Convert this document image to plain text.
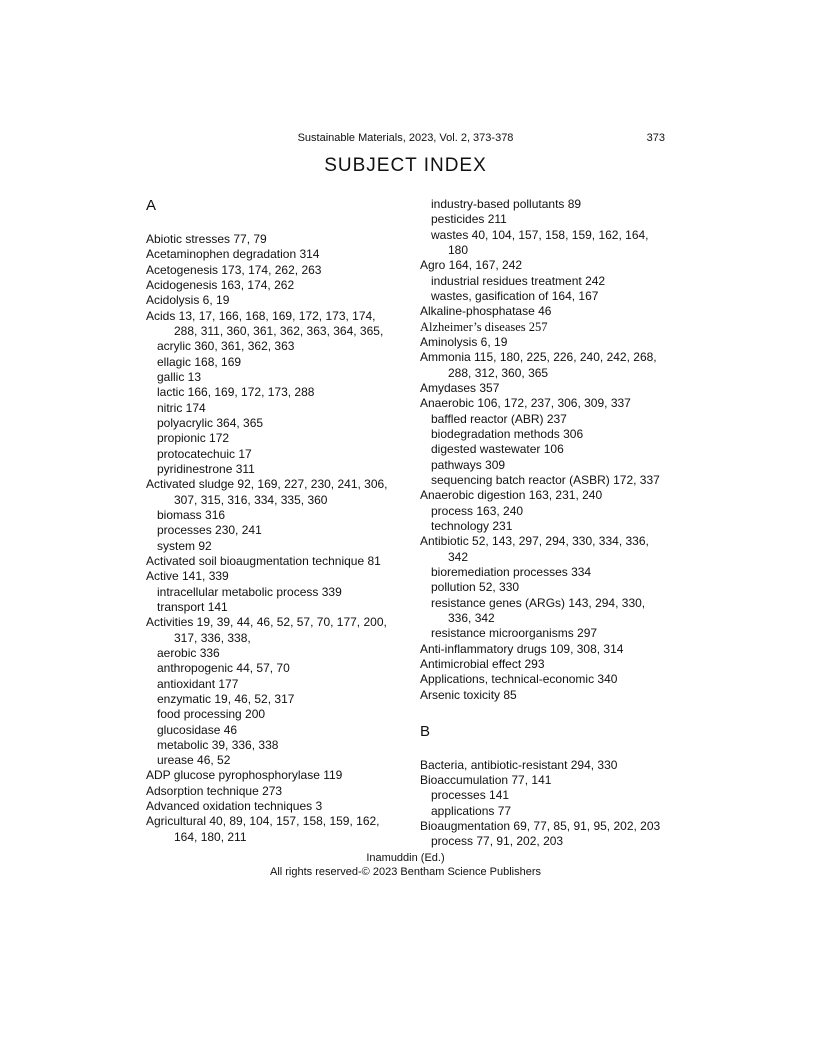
Sustainable Materials, 2023, Vol. 2, 373-378	373
SUBJECT INDEX
A
Abiotic stresses 77, 79
Acetaminophen degradation 314
Acetogenesis 173, 174, 262, 263
Acidogenesis 163, 174, 262
Acidolysis 6, 19
Acids 13, 17, 166, 168, 169, 172, 173, 174,
288, 311, 360, 361, 362, 363, 364, 365,
acrylic 360, 361, 362, 363
ellagic 168, 169
gallic 13
lactic 166, 169, 172, 173, 288
nitric 174
polyacrylic 364, 365
propionic 172
protocatechuic 17
pyridinestrone 311
Activated sludge 92, 169, 227, 230, 241, 306,
307, 315, 316, 334, 335, 360
biomass 316
processes 230, 241
system 92
Activated soil bioaugmentation technique 81
Active 141, 339
intracellular metabolic process 339
transport 141
Activities 19, 39, 44, 46, 52, 57, 70, 177, 200,
317, 336, 338,
aerobic 336
anthropogenic 44, 57, 70
antioxidant 177
enzymatic 19, 46, 52, 317
food processing 200
glucosidase 46
metabolic 39, 336, 338
urease 46, 52
ADP glucose pyrophosphorylase 119
Adsorption technique 273
Advanced oxidation techniques 3
Agricultural 40, 89, 104, 157, 158, 159, 162,
164, 180, 211
industry-based pollutants 89
pesticides 211
wastes 40, 104, 157, 158, 159, 162, 164,
180
Agro 164, 167, 242
industrial residues treatment 242
wastes, gasification of 164, 167
Alkaline-phosphatase 46
Alzheimer’s diseases 257
Aminolysis 6, 19
Ammonia 115, 180, 225, 226, 240, 242, 268,
288, 312, 360, 365
Amydases 357
Anaerobic 106, 172, 237, 306, 309, 337
baffled reactor (ABR) 237
biodegradation methods 306
digested wastewater 106
pathways 309
sequencing batch reactor (ASBR) 172, 337
Anaerobic digestion 163, 231, 240
process 163, 240
technology 231
Antibiotic 52, 143, 297, 294, 330, 334, 336,
342
bioremediation processes 334
pollution 52, 330
resistance genes (ARGs) 143, 294, 330,
336, 342
resistance microorganisms 297
Anti-inflammatory drugs 109, 308, 314
Antimicrobial effect 293
Applications, technical-economic 340
Arsenic toxicity 85
B
Bacteria, antibiotic-resistant 294, 330
Bioaccumulation 77, 141
processes 141
applications 77
Bioaugmentation 69, 77, 85, 91, 95, 202, 203
process 77, 91, 202, 203
Inamuddin (Ed.)
All rights reserved-© 2023 Bentham Science Publishers
